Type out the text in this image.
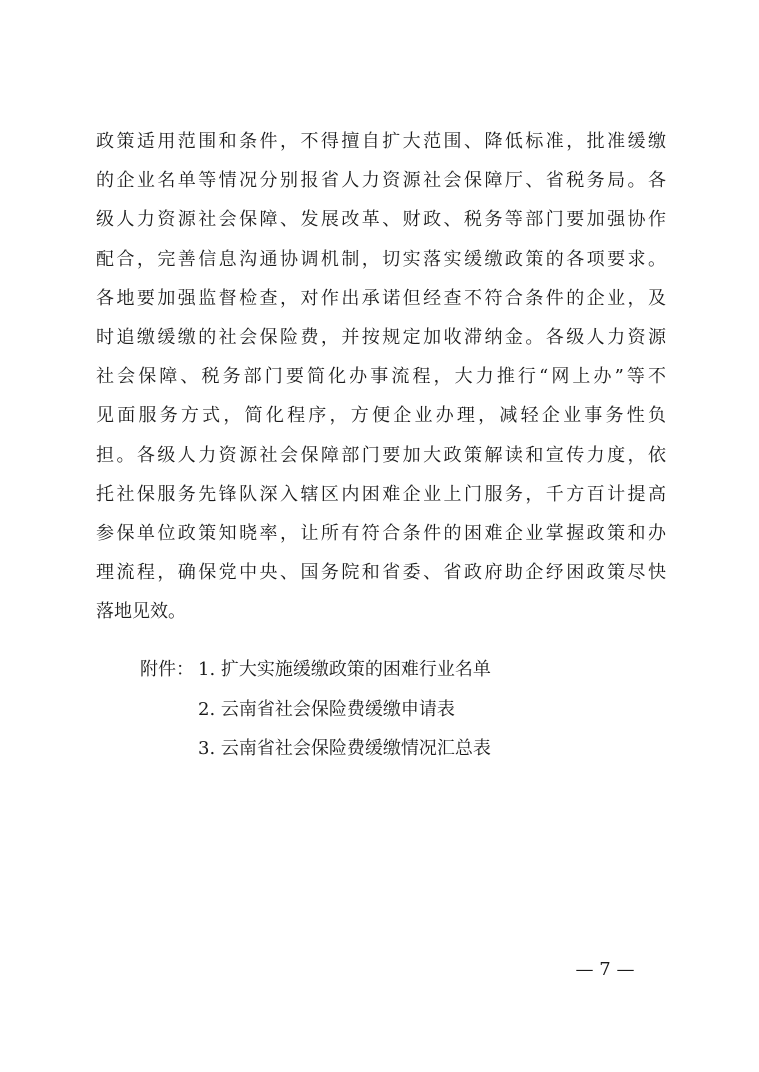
政策适用范围和条件，不得擅自扩大范围、降低标准，批准缓缴
的企业名单等情况分别报省人力资源社会保障厅、省税务局。各
级人力资源社会保障、发展改革、财政、税务等部门要加强协作
配合，完善信息沟通协调机制，切实落实缓缴政策的各项要求。
各地要加强监督检查，对作出承诺但经查不符合条件的企业，及
时追缴缓缴的社会保险费，并按规定加收滞纳金。各级人力资源
社会保障、税务部门要简化办事流程，大力推行“网上办”等不
见面服务方式，简化程序，方便企业办理，减轻企业事务性负
担。各级人力资源社会保障部门要加大政策解读和宣传力度，依
托社保服务先锋队深入辖区内困难企业上门服务，千方百计提高
参保单位政策知晓率，让所有符合条件的困难企业掌握政策和办
理流程，确保党中央、国务院和省委、省政府助企纾困政策尽快
落地见效。
附件： 1. 扩大实施缓缴政策的困难行业名单
2. 云南省社会保险费缓缴申请表
3. 云南省社会保险费缓缴情况汇总表
— 7 —
